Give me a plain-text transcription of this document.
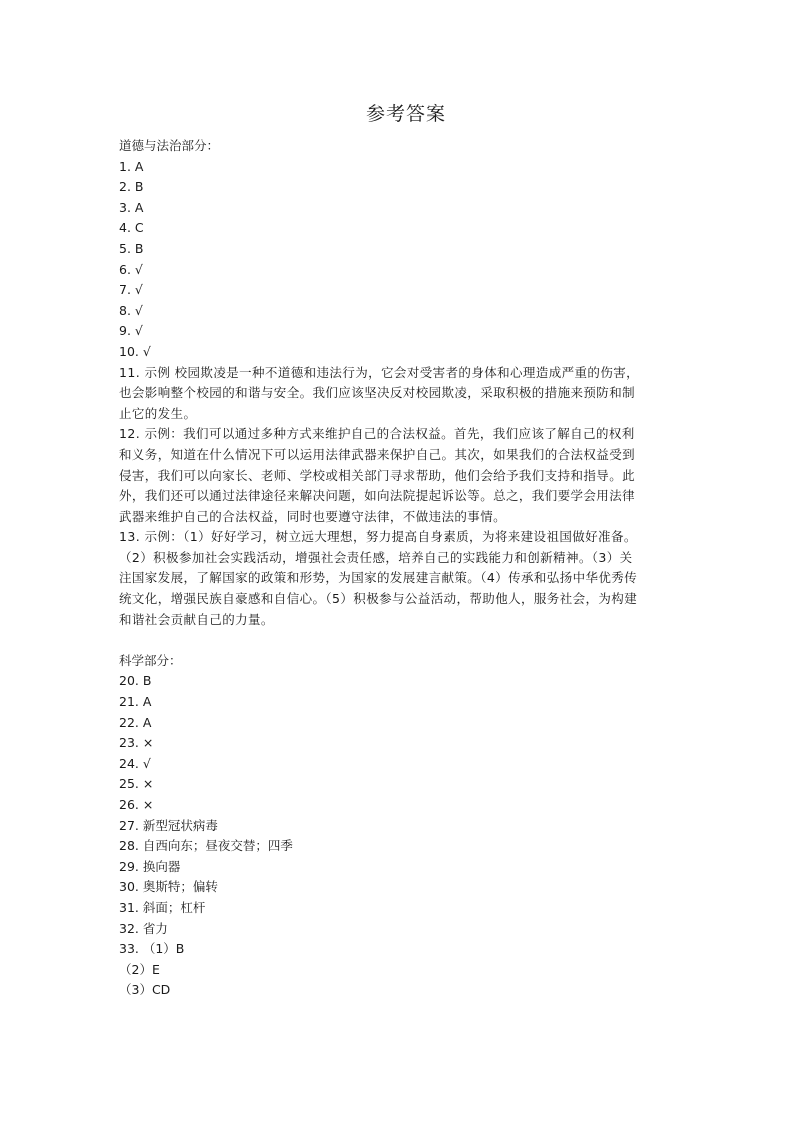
参考答案

道德与法治部分：

1. A

2. B

3. A

4. C

5. B

6. √

7. √

8. √

9. √

10. √

11. 示例 校园欺凌是一种不道德和违法行为，它会对受害者的身体和心理造成严重的伤害，

也会影响整个校园的和谐与安全。我们应该坚决反对校园欺凌，采取积极的措施来预防和制

止它的发生。

12. 示例：我们可以通过多种方式来维护自己的合法权益。首先，我们应该了解自己的权利

和义务，知道在什么情况下可以运用法律武器来保护自己。其次，如果我们的合法权益受到

侵害，我们可以向家长、老师、学校或相关部门寻求帮助，他们会给予我们支持和指导。此

外，我们还可以通过法律途径来解决问题，如向法院提起诉讼等。总之，我们要学会用法律

武器来维护自己的合法权益，同时也要遵守法律，不做违法的事情。

13. 示例：（1）好好学习，树立远大理想，努力提高自身素质，为将来建设祖国做好准备。

（2）积极参加社会实践活动，增强社会责任感，培养自己的实践能力和创新精神。（3）关

注国家发展，了解国家的政策和形势，为国家的发展建言献策。（4）传承和弘扬中华优秀传

统文化，增强民族自豪感和自信心。（5）积极参与公益活动，帮助他人，服务社会，为构建

和谐社会贡献自己的力量。

科学部分：

20. B

21. A

22. A

23. ×

24. √

25. ×

26. ×

27. 新型冠状病毒

28. 自西向东；昼夜交替；四季

29. 换向器

30. 奥斯特；偏转

31. 斜面；杠杆

32. 省力

33. （1）B

（2）E

（3）CD
